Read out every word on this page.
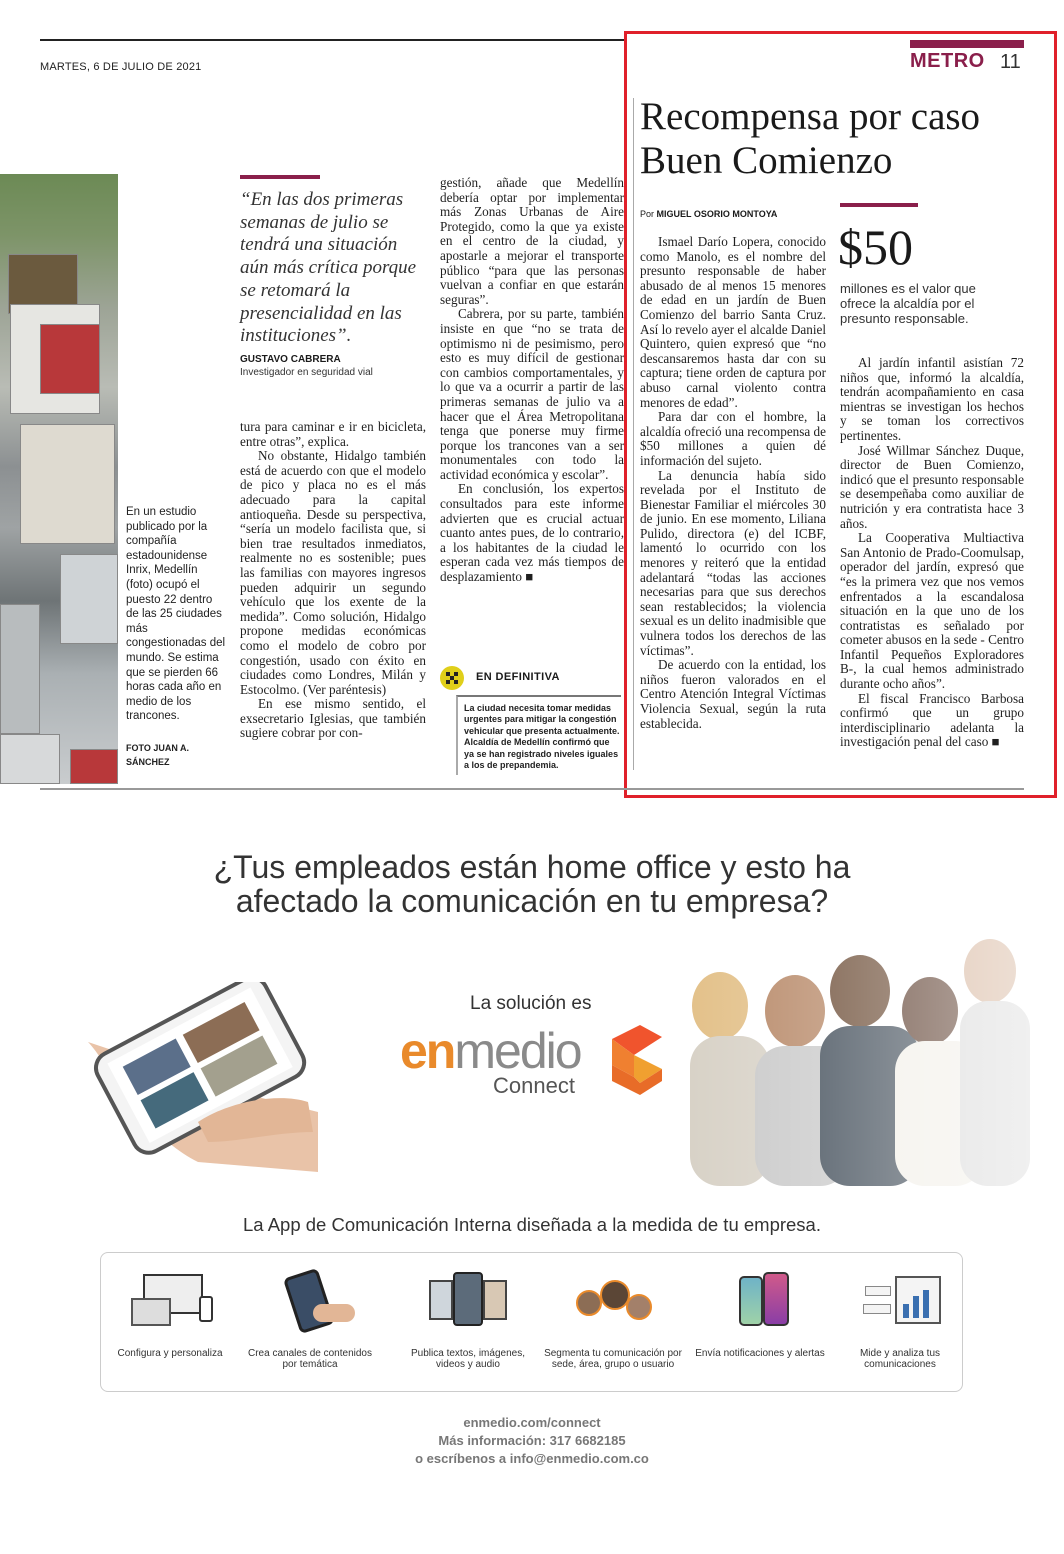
MARTES, 6 DE JULIO DE 2021	METRO 11
En un estudio publicado por la compañía estadounidense Inrix, Medellín (foto) ocupó el puesto 22 dentro de las 25 ciudades más congestionadas del mundo. Se estima que se pierden 66 horas cada año en medio de los trancones.
FOTO JUAN A. SÁNCHEZ
“En las dos primeras semanas de julio se tendrá una situación aún más crítica porque se retomará la presencialidad en las instituciones”.
GUSTAVO CABRERA
Investigador en seguridad vial

tura para caminar e ir en bicicleta, entre otras”, explica.

No obstante, Hidalgo también está de acuerdo con que el modelo de pico y placa no es el más adecuado para la capital antioqueña. Desde su perspectiva, “sería un modelo facilista que, si bien trae resultados inmediatos, realmente no es sostenible; pues las familias con mayores ingresos pueden adquirir un segundo vehículo que los exente de la medida”. Como solución, Hidalgo propone medidas económicas como el modelo de cobro por congestión, usado con éxito en ciudades como Londres, Milán y Estocolmo. (Ver paréntesis)

En ese mismo sentido, el exsecretario Iglesias, que también sugiere cobrar por con-

gestión, añade que Medellín debería optar por implementar más Zonas Urbanas de Aire Protegido, como la que ya existe en el centro de la ciudad, y apostarle a mejorar el transporte público “para que las personas vuelvan a confiar en que estarán seguras”.

Cabrera, por su parte, también insiste en que “no se trata de optimismo ni de pesimismo, pero esto es muy difícil de gestionar con cambios comportamentales, y lo que va a ocurrir a partir de las primeras semanas de julio va a hacer que el Área Metropolitana tenga que ponerse muy firme porque los trancones van a ser monumentales con todo la actividad económica y escolar”.

En conclusión, los expertos consultados para este informe advierten que es crucial actuar cuanto antes pues, de lo contrario, a los habitantes de la ciudad le esperan cada vez más tiempos de desplazamiento ■

EN DEFINITIVA
La ciudad necesita tomar medidas urgentes para mitigar la congestión vehicular que presenta actualmente. Alcaldía de Medellín confirmó que ya se han registrado niveles iguales a los de prepandemia.
Recompensa por caso Buen Comienzo
Por MIGUEL OSORIO MONTOYA

Ismael Darío Lopera, conocido como Manolo, es el nombre del presunto responsable de haber abusado de al menos 15 menores de edad en un jardín de Buen Comienzo del barrio Santa Cruz. Así lo revelo ayer el alcalde Daniel Quintero, quien expresó que “no descansaremos hasta dar con su captura; tiene orden de captura por abuso carnal violento contra menores de edad”.

Para dar con el hombre, la alcaldía ofreció una recompensa de $50 millones a quien dé información del sujeto.

La denuncia había sido revelada por el Instituto de Bienestar Familiar el miércoles 30 de junio. En ese momento, Liliana Pulido, directora (e) del ICBF, lamentó lo ocurrido con los menores y reiteró que la entidad adelantará “todas las acciones necesarias para que sus derechos sean restablecidos; la violencia sexual es un delito inadmisible que vulnera todos los derechos de las víctimas”.

De acuerdo con la entidad, los niños fueron valorados en el Centro Atención Integral Víctimas Violencia Sexual, según la ruta establecida.

$50
millones es el valor que ofrece la alcaldía por el presunto responsable.

Al jardín infantil asistían 72 niños que, informó la alcaldía, tendrán acompañamiento en casa mientras se investigan los hechos y se toman los correctivos pertinentes.

José Willmar Sánchez Duque, director de Buen Comienzo, indicó que el presunto responsable se desempeñaba como auxiliar de nutrición y era contratista hace 3 años.

La Cooperativa Multiactiva San Antonio de Prado-Coomulsap, operador del jardín, expresó que “es la primera vez que nos vemos enfrentados a la escandalosa situación en la que uno de los contratistas es señalado por cometer abusos en la sede - Centro Infantil Pequeños Exploradores B-, la cual hemos administrado durante ocho años”.

El fiscal Francisco Barbosa confirmó que un grupo interdisciplinario adelanta la investigación penal del caso ■

¿Tus empleados están home office y esto ha
afectado la comunicación en tu empresa?
La solución es
enmedio
Connect
La App de Comunicación Interna diseñada a la medida de tu empresa.
Configura y personaliza	Crea canales de contenidos por temática
Publica textos, imágenes, videos y audio
Segmenta tu comunicación por sede, área, grupo o usuario
Envía notificaciones y alertas	Mide y analiza tus comunicaciones
enmedio.com/connect
Más información: 317 6682185
o escríbenos a info@enmedio.com.co
